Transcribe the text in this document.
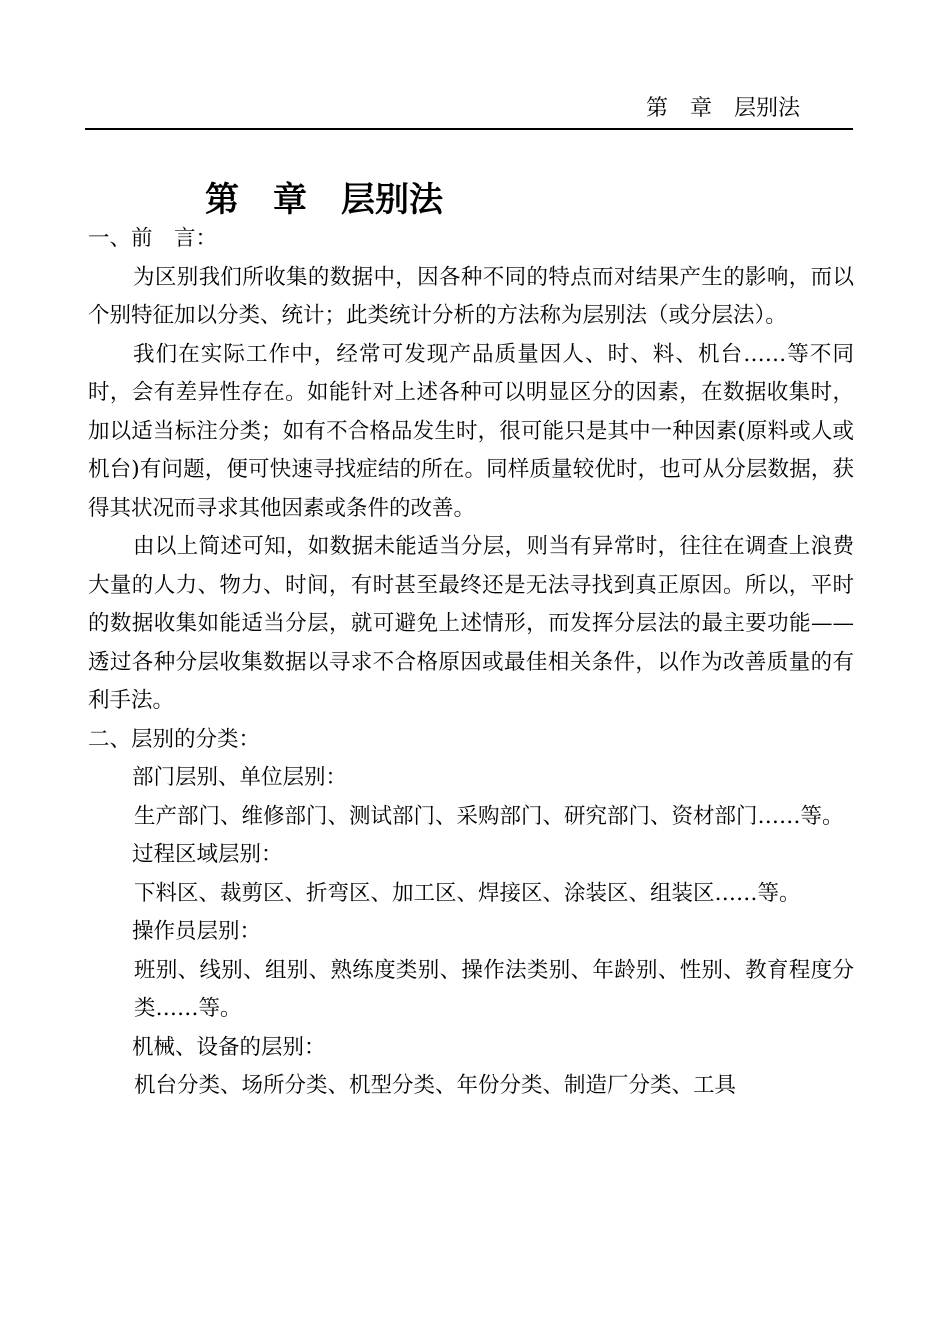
第　章　层别法
第　章　层别法
一、前　言：

为区别我们所收集的数据中，因各种不同的特点而对结果产生的影响，而以个别特征加以分类、统计；此类统计分析的方法称为层别法（或分层法）。

我们在实际工作中，经常可发现产品质量因人、时、料、机台……等不同时，会有差异性存在。如能针对上述各种可以明显区分的因素，在数据收集时，加以适当标注分类；如有不合格品发生时，很可能只是其中一种因素(原料或人或机台)有问题，便可快速寻找症结的所在。同样质量较优时，也可从分层数据，获得其状况而寻求其他因素或条件的改善。

由以上简述可知，如数据未能适当分层，则当有异常时，往往在调查上浪费大量的人力、物力、时间，有时甚至最终还是无法寻找到真正原因。所以，平时的数据收集如能适当分层，就可避免上述情形，而发挥分层法的最主要功能——透过各种分层收集数据以寻求不合格原因或最佳相关条件，以作为改善质量的有利手法。

二、层别的分类：

部门层别、单位层别：

生产部门、维修部门、测试部门、采购部门、研究部门、资材部门……等。

过程区域层别：

下料区、裁剪区、折弯区、加工区、焊接区、涂装区、组装区……等。

操作员层别：

班别、线别、组别、熟练度类别、操作法类别、年龄别、性别、教育程度分类……等。

机械、设备的层别：

机台分类、场所分类、机型分类、年份分类、制造厂分类、工具
